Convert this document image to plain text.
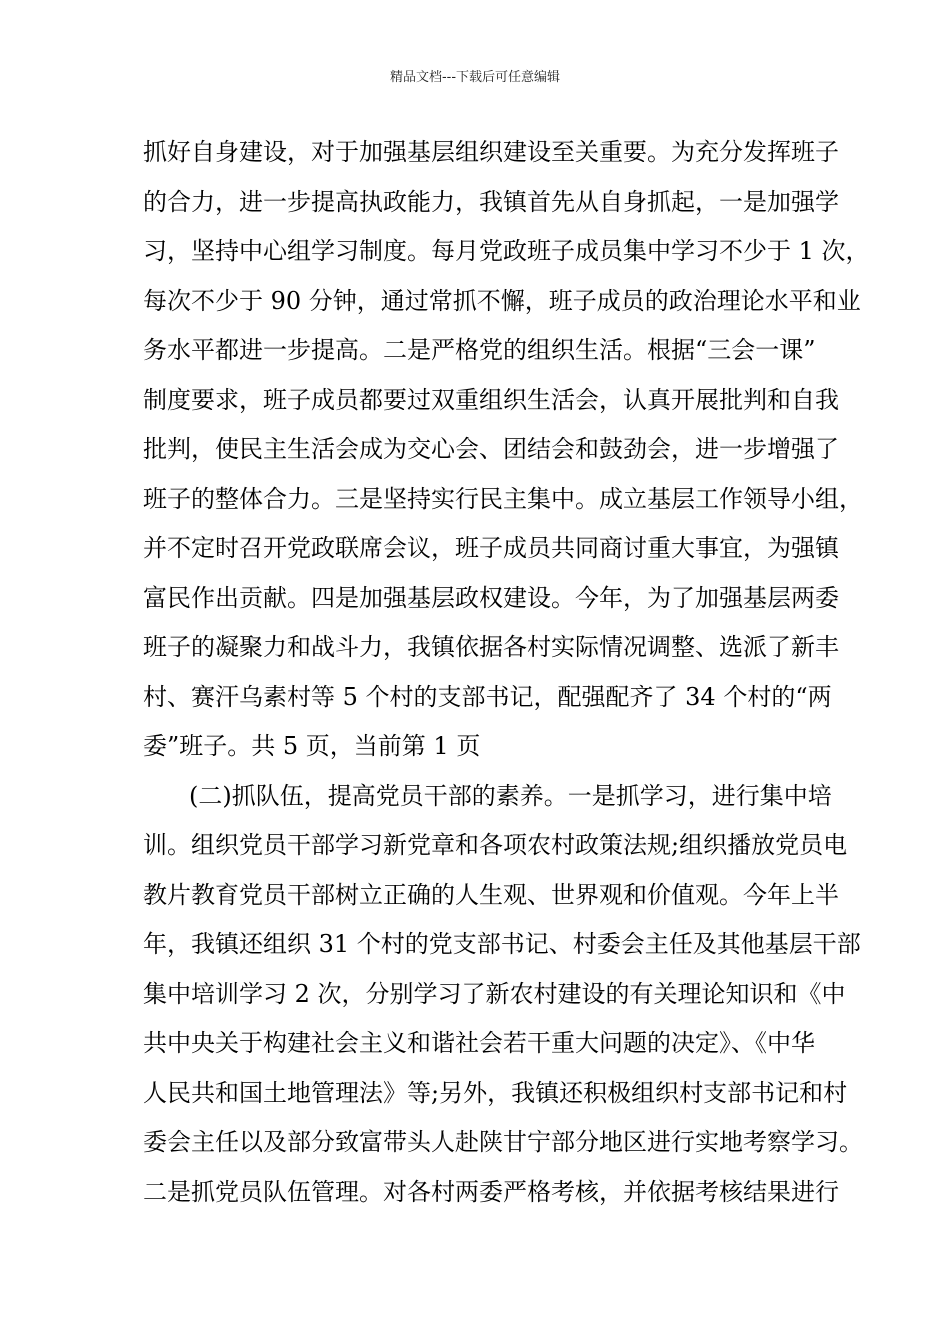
精品文档---下载后可任意编辑
抓好自身建设，对于加强基层组织建设至关重要。为充分发挥班子
的合力，进一步提高执政能力，我镇首先从自身抓起，一是加强学
习，坚持中心组学习制度。每月党政班子成员集中学习不少于 1 次，
每次不少于 90 分钟，通过常抓不懈，班子成员的政治理论水平和业
务水平都进一步提高。二是严格党的组织生活。根据“三会一课”
制度要求，班子成员都要过双重组织生活会，认真开展批判和自我
批判，使民主生活会成为交心会、团结会和鼓劲会，进一步增强了
班子的整体合力。三是坚持实行民主集中。成立基层工作领导小组，
并不定时召开党政联席会议，班子成员共同商讨重大事宜，为强镇
富民作出贡献。四是加强基层政权建设。今年，为了加强基层两委
班子的凝聚力和战斗力，我镇依据各村实际情况调整、选派了新丰
村、赛汗乌素村等 5 个村的支部书记，配强配齐了 34 个村的“两
委”班子。共 5 页，当前第 1 页
(二)抓队伍，提高党员干部的素养。一是抓学习，进行集中培
训。组织党员干部学习新党章和各项农村政策法规;组织播放党员电
教片教育党员干部树立正确的人生观、世界观和价值观。今年上半
年，我镇还组织 31 个村的党支部书记、村委会主任及其他基层干部
集中培训学习 2 次，分别学习了新农村建设的有关理论知识和《中
共中央关于构建社会主义和谐社会若干重大问题的决定》、《中华
人民共和国土地管理法》等;另外，我镇还积极组织村支部书记和村
委会主任以及部分致富带头人赴陕甘宁部分地区进行实地考察学习。
二是抓党员队伍管理。对各村两委严格考核，并依据考核结果进行
